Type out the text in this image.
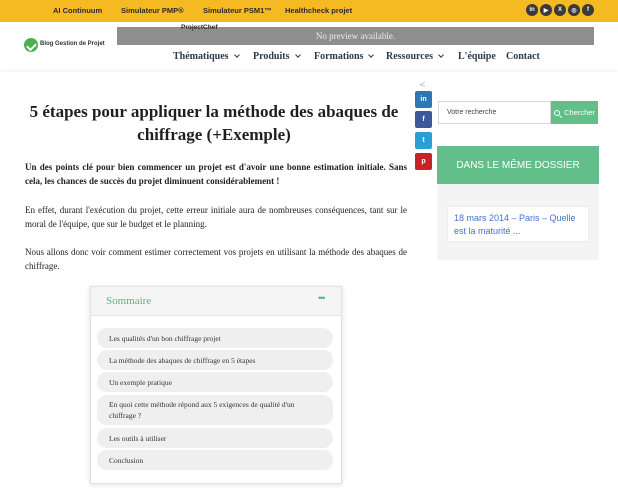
AI Continuum	Simulateur PMP®	Simulateur PSM1™ Healthcheck projet	in	▶	X	◎	f
Blog Gestion de Projet
No preview available.
ProjectChef
Thématiques	Produits	Formations	Ressources	L'équipe Contact
5 étapes pour appliquer la méthode des abaques de chiffrage (+Exemple)

Un des points clé pour bien commencer un projet est d'avoir une bonne estimation initiale. Sans cela, les chances de succès du projet diminuent considérablement !

En effet, durant l'exécution du projet, cette erreur initiale aura de nombreuses conséquences, tant sur le moral de l'équipe, que sur le budget et le planning.

Nous allons donc voir comment estimer correctement vos projets en utilisant la méthode des abaques de chiffrage.

<
in
f
t
p
Sommaire	•••
Les qualités d'un bon chiffrage projet
La méthode des abaques de chiffrage en 5 étapes
Un exemple pratique
En quoi cette méthode répond aux 5 exigences de qualité d'un chiffrage ?
Les outils à utiliser
Conclusion
Votre recherche	Chercher
DANS LE MÊME DOSSIER
18 mars 2014 – Paris – Quelle est la maturité ...
